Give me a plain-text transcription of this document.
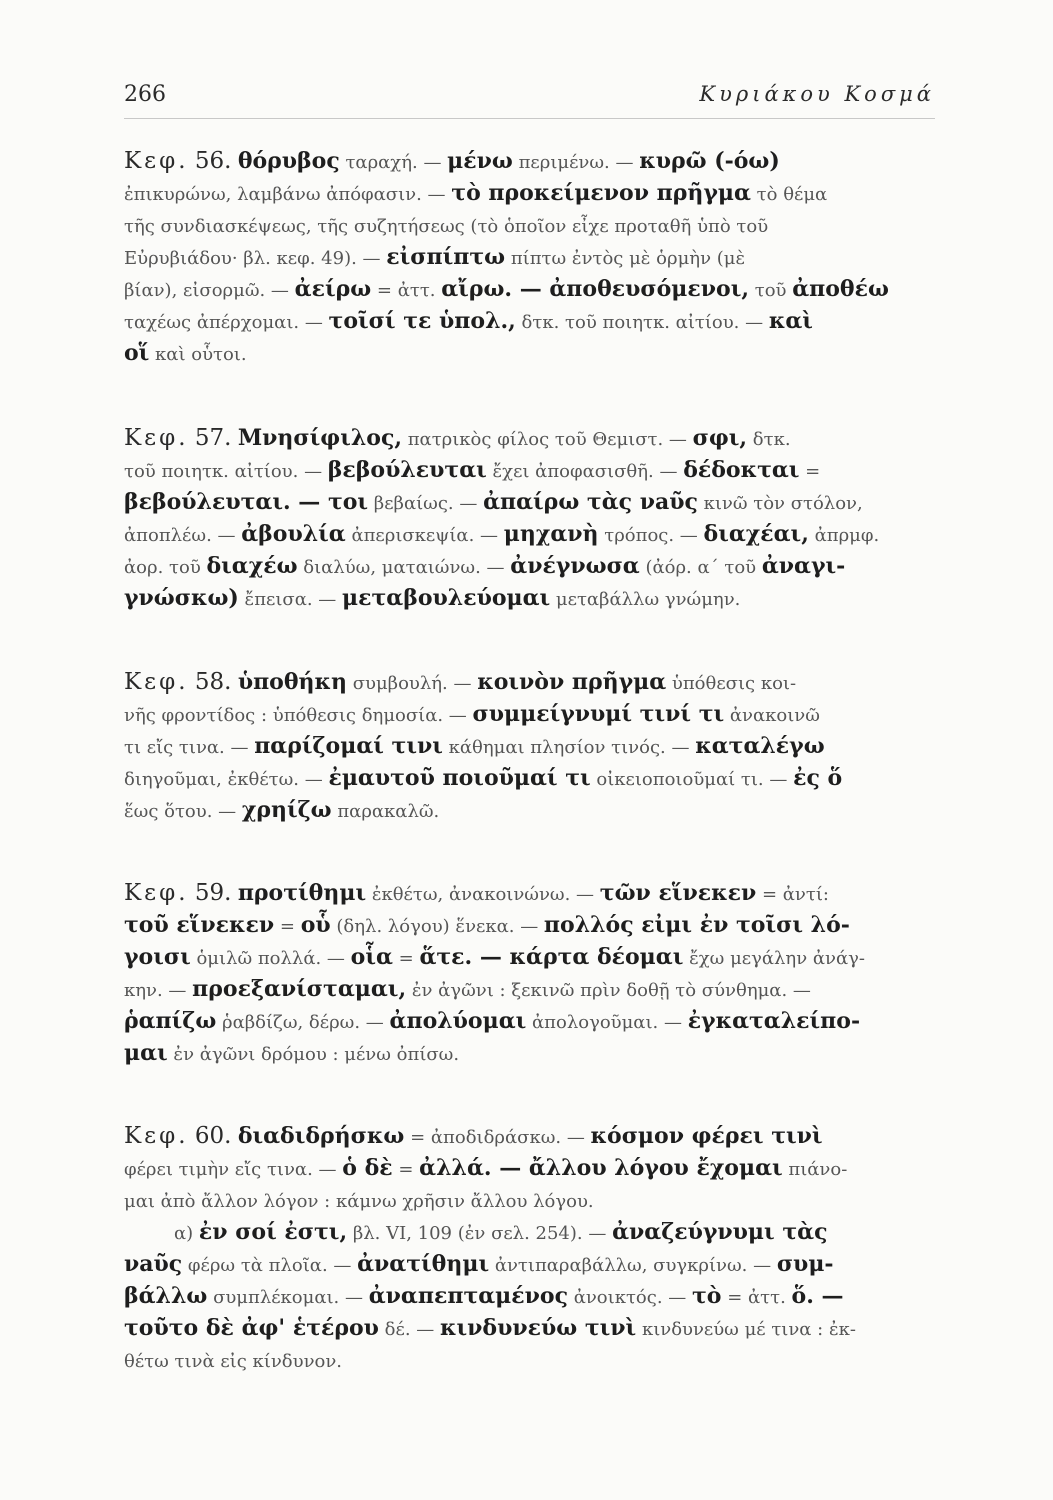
266	Κυριάκου Κοσμά
Κεφ. 56. θόρυβος ταραχή. — μένω περιμένω. — κυρῶ (-όω)
ἐπικυρώνω, λαμβάνω ἀπόφασιν. — τὸ προκείμενον πρῆγμα τὸ θέμα
τῆς συνδιασκέψεως, τῆς συζητήσεως (τὸ ὁποῖον εἶχε προταθῆ ὑπὸ τοῦ
Εὐρυβιάδου· βλ. κεφ. 49). — εἰσπίπτω πίπτω ἐντὸς μὲ ὁρμὴν (μὲ
βίαν), εἰσορμῶ. — ἀείρω = ἀττ. αἴρω. — ἀποθευσόμενοι, τοῦ ἀποθέω
ταχέως ἀπέρχομαι. — τοῖσί τε ὑπολ., δτκ. τοῦ ποιητκ. αἰτίου. — καὶ
οἵ καὶ οὗτοι.
Κεφ. 57. Μνησίφιλος, πατρικὸς φίλος τοῦ Θεμιστ. — σφι, δτκ.
τοῦ ποιητκ. αἰτίου. — βεβούλευται ἔχει ἀποφασισθῆ. — δέδοκται =
βεβούλευται. — τοι βεβαίως. — ἀπαίρω τὰς νaῦς κινῶ τὸν στόλον,
ἀποπλέω. — ἀβουλία ἀπερισκεψία. — μηχανὴ τρόπος. — διαχέαι, ἀπρμφ.
ἀορ. τοῦ διαχέω διαλύω, ματαιώνω. — ἀνέγνωσα (ἀόρ. α΄ τοῦ ἀναγι-
γνώσκω) ἔπεισα. — μεταβουλεύομαι μεταβάλλω γνώμην.
Κεφ. 58. ὑποθήκη συμβουλή. — κοινὸν πρῆγμα ὑπόθεσις κοι-
νῆς φροντίδος : ὑπόθεσις δημοσία. — συμμείγνυμί τινί τι ἀνακοινῶ
τι εἴς τινα. — παρίζομαί τινι κάθημαι πλησίον τινός. — καταλέγω
διηγοῦμαι, ἐκθέτω. — ἐμαυτοῦ ποιοῦμαί τι οἰκειοποιοῦμαί τι. — ἐς ὅ
ἕως ὅτου. — χρηίζω παρακαλῶ.
Κεφ. 59. προτίθημι ἐκθέτω, ἀνακοινώνω. — τῶν εἵνεκεν = ἀντί:
τοῦ εἵνεκεν = οὗ (δηλ. λόγου) ἕνεκα. — πολλός εἰμι ἐν τοῖσι λό-
γοισι ὁμιλῶ πολλά. — οἷα = ἅτε. — κάρτα δέομαι ἔχω μεγάλην ἀνάγ-
κην. — προεξανίσταμαι, ἐν ἀγῶνι : ξεκινῶ πρὶν δοθῇ τὸ σύνθημα. —
ῥαπίζω ῥαβδίζω, δέρω. — ἀπολύομαι ἀπολογοῦμαι. — ἐγκαταλείπο-
μαι ἐν ἀγῶνι δρόμου : μένω ὀπίσω.
Κεφ. 60. διαδιδρήσκω = ἀποδιδράσκω. — κόσμον φέρει τινὶ
φέρει τιμὴν εἴς τινα. — ὁ δὲ = ἀλλά. — ἄλλου λόγου ἔχομαι πιάνο-
μαι ἀπὸ ἄλλον λόγον : κάμνω χρῆσιν ἄλλου λόγου.
α) ἐν σοί ἐστι, βλ. VI, 109 (ἐν σελ. 254). — ἀναζεύγνυμι τὰς
νaῦς φέρω τὰ πλοῖα. — ἀνατίθημι ἀντιπαραβάλλω, συγκρίνω. — συμ-
βάλλω συμπλέκομαι. — ἀναπεπταμένος ἀνοικτός. — τὸ = ἀττ. ὅ. —
τοῦτο δὲ ἀφ' ἑτέρου δέ. — κινδυνεύω τινὶ κινδυνεύω μέ τινα : ἐκ-
θέτω τινὰ εἰς κίνδυνον.
